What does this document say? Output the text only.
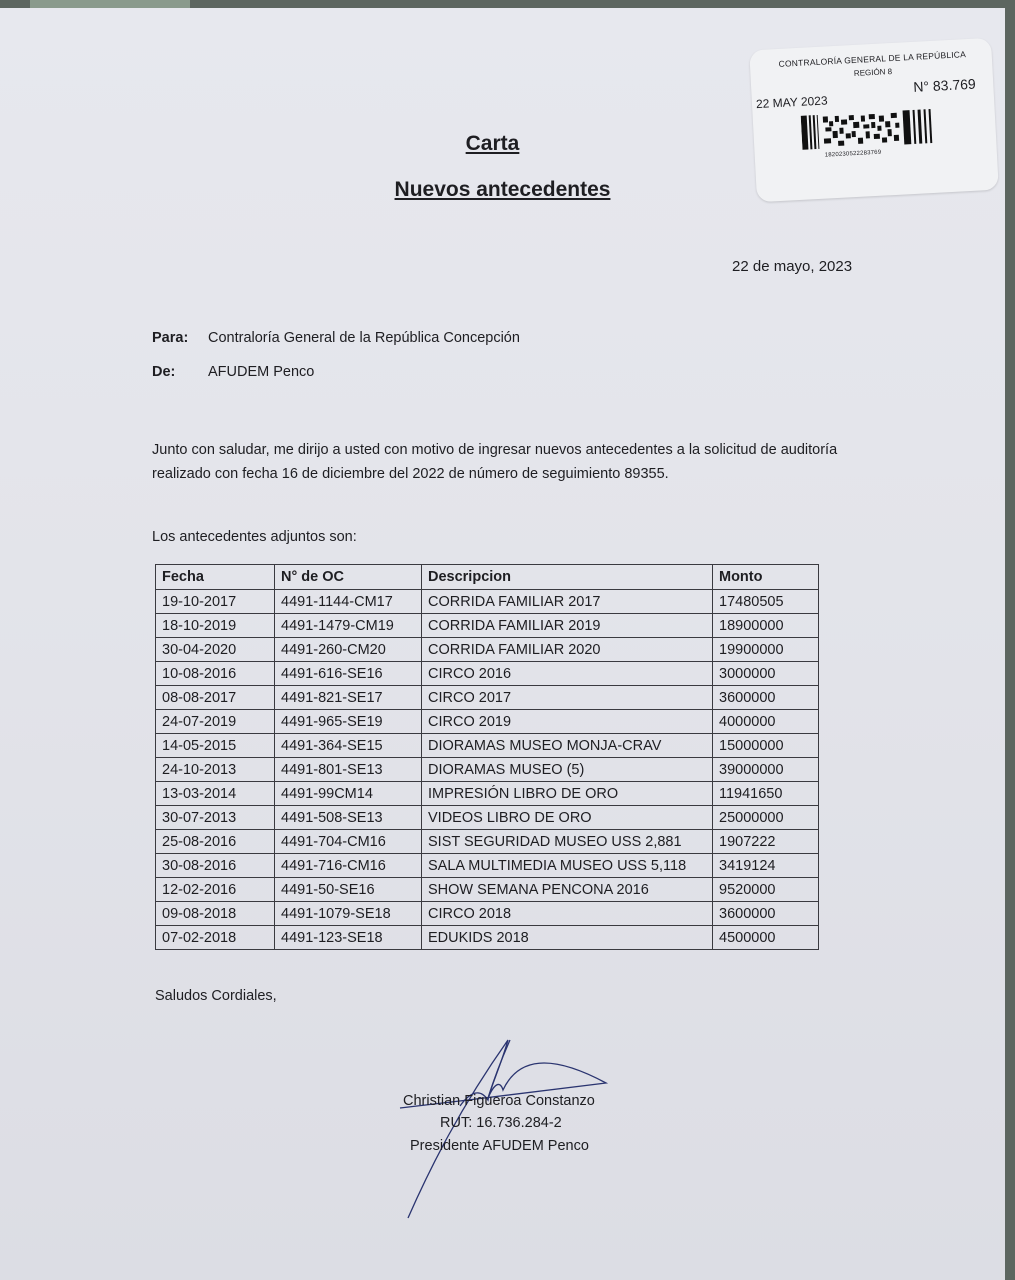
CONTRALORÍA GENERAL DE LA REPÚBLICA
REGIÓN 8
22 MAY 2023
N° 83.769
1820230522283769
Carta
Nuevos antecedentes
22 de mayo, 2023
Para: Contraloría General de la República Concepción
De: AFUDEM Penco
Junto con saludar, me dirijo a usted con motivo de ingresar nuevos antecedentes a la solicitud de auditoría realizado con fecha 16 de diciembre del 2022 de número de seguimiento 89355.
Los antecedentes adjuntos son:
Fecha	N° de OC	Descripcion	Monto
19-10-2017	4491-1144-CM17	CORRIDA FAMILIAR 2017	17480505
18-10-2019	4491-1479-CM19	CORRIDA FAMILIAR 2019	18900000
30-04-2020	4491-260-CM20	CORRIDA FAMILIAR 2020	19900000
10-08-2016	4491-616-SE16	CIRCO 2016	3000000
08-08-2017	4491-821-SE17	CIRCO 2017	3600000
24-07-2019	4491-965-SE19	CIRCO 2019	4000000
14-05-2015	4491-364-SE15	DIORAMAS MUSEO MONJA-CRAV	15000000
24-10-2013	4491-801-SE13	DIORAMAS MUSEO (5)	39000000
13-03-2014	4491-99CM14	IMPRESIÓN LIBRO DE ORO	11941650
30-07-2013	4491-508-SE13	VIDEOS LIBRO DE ORO	25000000
25-08-2016	4491-704-CM16	SIST SEGURIDAD MUSEO USS 2,881	1907222
30-08-2016	4491-716-CM16	SALA MULTIMEDIA MUSEO USS 5,118	3419124
12-02-2016	4491-50-SE16	SHOW SEMANA PENCONA 2016	9520000
09-08-2018	4491-1079-SE18	CIRCO 2018	3600000
07-02-2018	4491-123-SE18	EDUKIDS 2018	4500000
Saludos Cordiales,
Christian Figueroa Constanzo
RUT: 16.736.284-2
Presidente AFUDEM Penco
